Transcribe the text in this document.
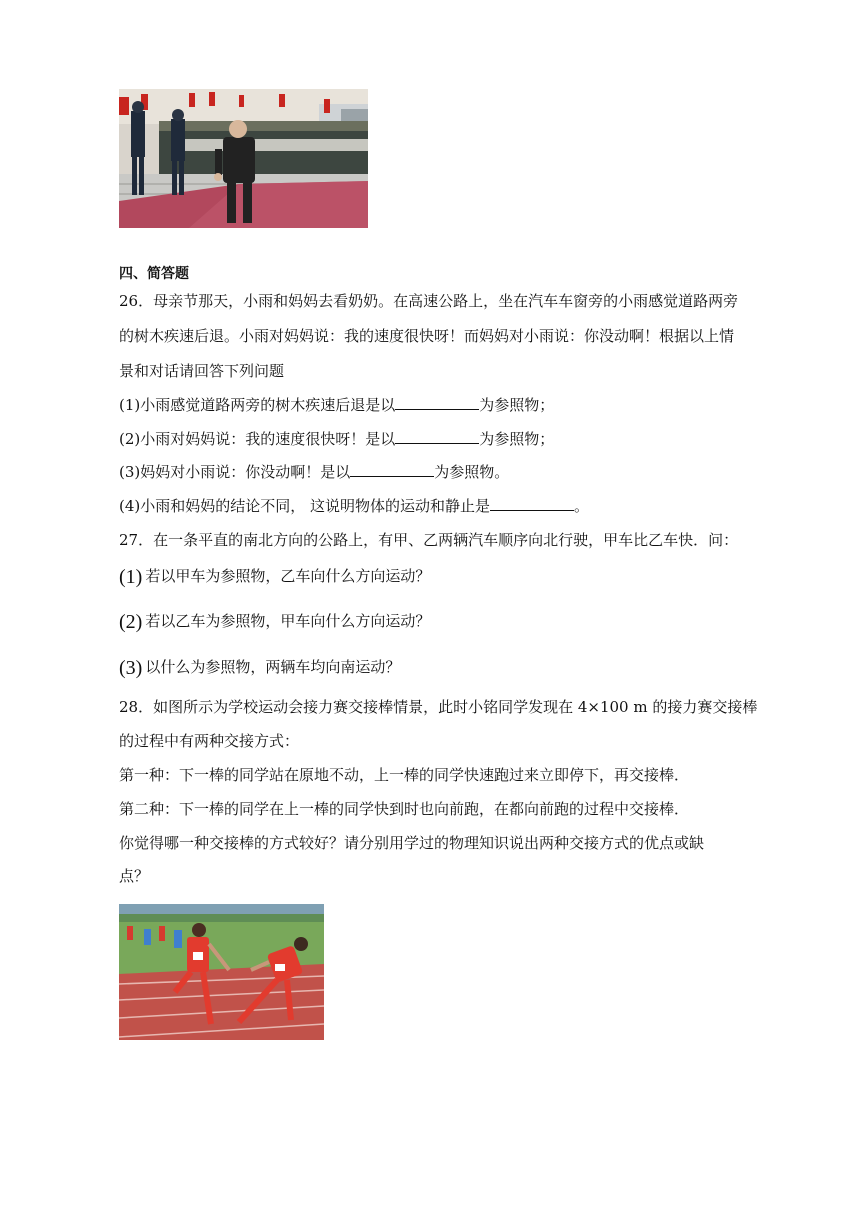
四、简答题
26．母亲节那天，小雨和妈妈去看奶奶。在高速公路上，坐在汽车车窗旁的小雨感觉道路两旁
的树木疾速后退。小雨对妈妈说：我的速度很快呀！而妈妈对小雨说：你没动啊！根据以上情
景和对话请回答下列问题
(1)小雨感觉道路两旁的树木疾速后退是以	为参照物；
(2)小雨对妈妈说：我的速度很快呀！是以	为参照物；
(3)妈妈对小雨说：你没动啊！是以	为参照物。
(4)小雨和妈妈的结论不同， 这说明物体的运动和静止是	。
27．在一条平直的南北方向的公路上，有甲、乙两辆汽车顺序向北行驶，甲车比乙车快．问：
(1) 若以甲车为参照物，乙车向什么方向运动？
(2) 若以乙车为参照物，甲车向什么方向运动？
(3) 以什么为参照物，两辆车均向南运动？
28．如图所示为学校运动会接力赛交接棒情景，此时小铭同学发现在 4×100 m 的接力赛交接棒
的过程中有两种交接方式：
第一种：下一棒的同学站在原地不动，上一棒的同学快速跑过来立即停下，再交接棒．
第二种：下一棒的同学在上一棒的同学快到时也向前跑，在都向前跑的过程中交接棒．
你觉得哪一种交接棒的方式较好？请分别用学过的物理知识说出两种交接方式的优点或缺
点？
